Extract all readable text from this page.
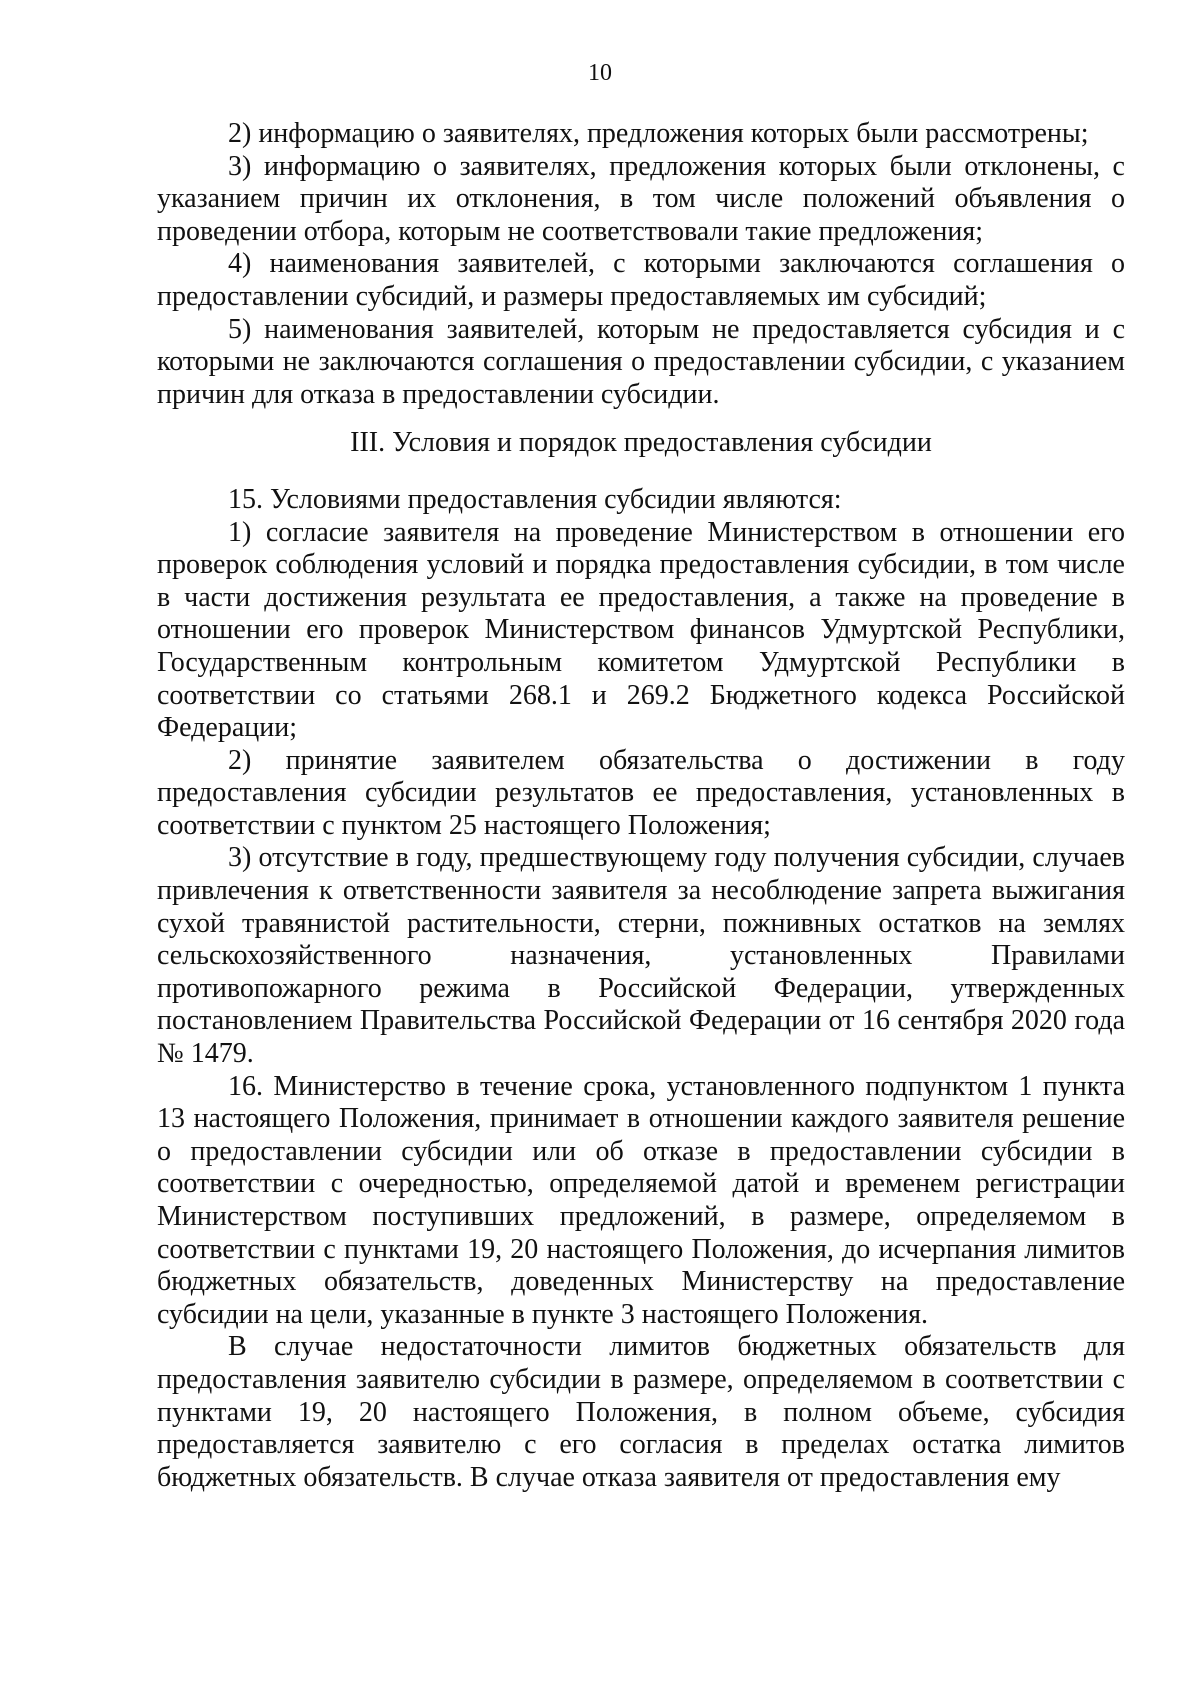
10

2) информацию о заявителях, предложения которых были рассмотрены;

3) информацию о заявителях, предложения которых были отклонены, с указанием причин их отклонения, в том числе положений объявления о проведении отбора, которым не соответствовали такие предложения;

4) наименования заявителей, с которыми заключаются соглашения о предоставлении субсидий, и размеры предоставляемых им субсидий;

5) наименования заявителей, которым не предоставляется субсидия и с которыми не заключаются соглашения о предоставлении субсидии, с указанием причин для отказа в предоставлении субсидии.

III. Условия и порядок предоставления субсидии

15. Условиями предоставления субсидии являются:

1) согласие заявителя на проведение Министерством в отношении его проверок соблюдения условий и порядка предоставления субсидии, в том числе в части достижения результата ее предоставления, а также на проведение в отношении его проверок Министерством финансов Удмуртской Республики, Государственным контрольным комитетом Удмуртской Республики в соответствии со статьями 268.1 и 269.2 Бюджетного кодекса Российской Федерации;

2) принятие заявителем обязательства о достижении в году предоставления субсидии результатов ее предоставления, установленных в соответствии с пунктом 25 настоящего Положения;

3) отсутствие в году, предшествующему году получения субсидии, случаев привлечения к ответственности заявителя за несоблюдение запрета выжигания сухой травянистой растительности, стерни, пожнивных остатков на землях сельскохозяйственного назначения, установленных Правилами противопожарного режима в Российской Федерации, утвержденных постановлением Правительства Российской Федерации от 16 сентября 2020 года № 1479.

16. Министерство в течение срока, установленного подпунктом 1 пункта 13 настоящего Положения, принимает в отношении каждого заявителя решение о предоставлении субсидии или об отказе в предоставлении субсидии в соответствии с очередностью, определяемой датой и временем регистрации Министерством поступивших предложений, в размере, определяемом в соответствии с пунктами 19, 20 настоящего Положения, до исчерпания лимитов бюджетных обязательств, доведенных Министерству на предоставление субсидии на цели, указанные в пункте 3 настоящего Положения.

В случае недостаточности лимитов бюджетных обязательств для предоставления заявителю субсидии в размере, определяемом в соответствии с пунктами 19, 20 настоящего Положения, в полном объеме, субсидия предоставляется заявителю с его согласия в пределах остатка лимитов бюджетных обязательств. В случае отказа заявителя от предоставления ему
